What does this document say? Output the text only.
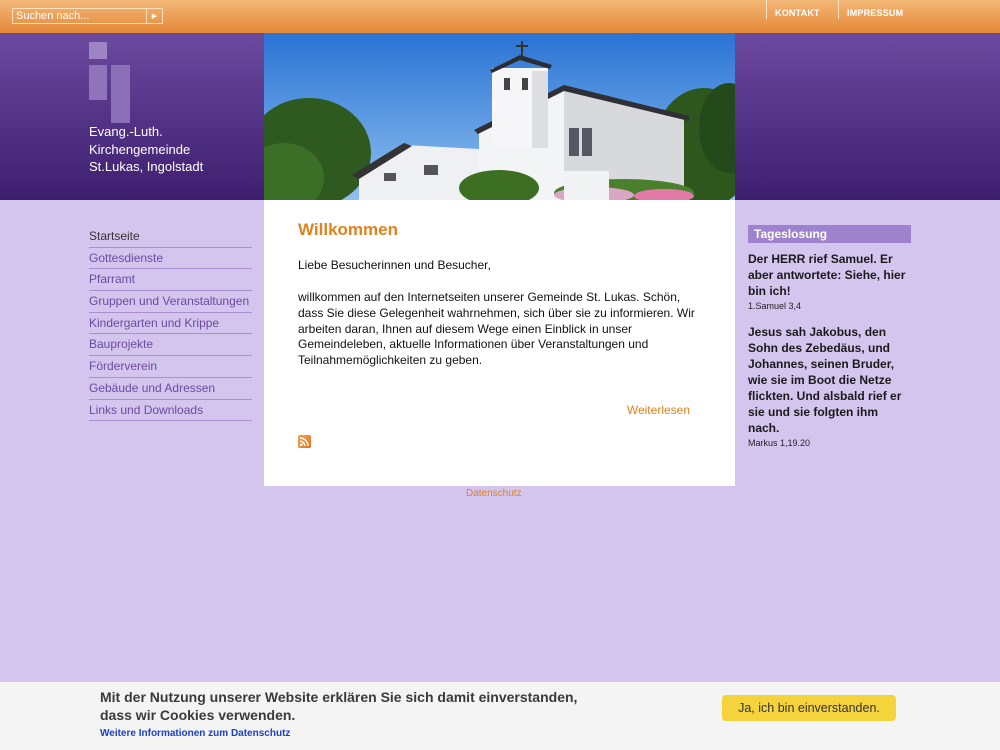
Suchen nach...
▶	KONTAKT	IMPRESSUM
Evang.-Luth.
Kirchengemeinde
St.Lukas, Ingolstadt
Startseite
Gottesdienste
Pfarramt
Gruppen und Veranstaltungen
Kindergarten und Krippe
Bauprojekte
Förderverein
Gebäude und Adressen
Links und Downloads
Willkommen

Liebe Besucherinnen und Besucher,

willkommen auf den Internetseiten unserer Gemeinde St. Lukas. Schön, dass Sie diese Gelegenheit wahrnehmen, sich über sie zu informieren. Wir arbeiten daran, Ihnen auf diesem Wege einen Einblick in unser Gemeindeleben, aktuelle Informationen über Veranstaltungen und Teilnahmemöglichkeiten zu geben.

Weiterlesen
Datenschutz
Tageslosung
Der HERR rief Samuel. Er aber antwortete: Siehe, hier bin ich!
1.Samuel 3,4
Jesus sah Jakobus, den Sohn des Zebedäus, und Johannes, seinen Bruder, wie sie im Boot die Netze flickten. Und alsbald rief er sie und sie folgten ihm nach.
Markus 1,19.20
Mit der Nutzung unserer Website erklären Sie sich damit einverstanden,
dass wir Cookies verwenden.
Weitere Informationen zum Datenschutz
Ja, ich bin einverstanden.
